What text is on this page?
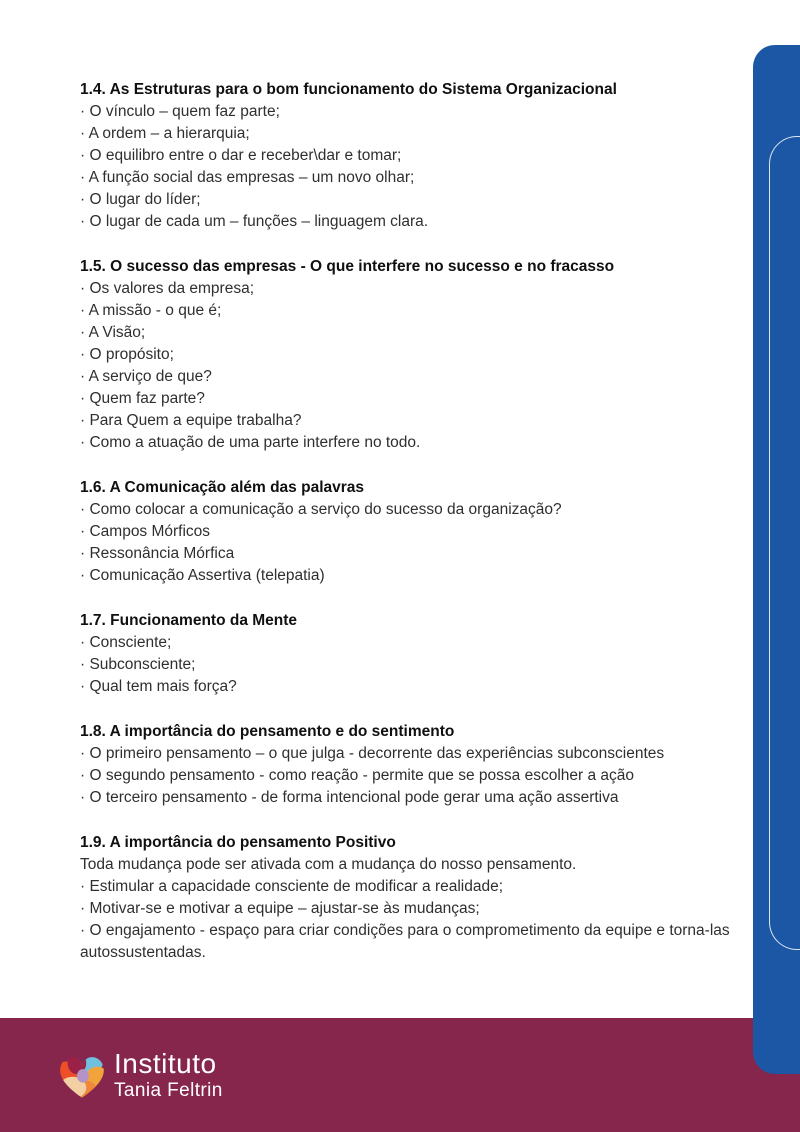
1.4. As Estruturas para o bom funcionamento do Sistema Organizacional

· O vínculo – quem faz parte;

· A ordem – a hierarquia;

· O equilibro entre o dar e receber\dar e tomar;

· A função social das empresas – um novo olhar;

· O lugar do líder;

· O lugar de cada um – funções – linguagem clara.

1.5. O sucesso das empresas - O que interfere no sucesso e no fracasso

· Os valores da empresa;

· A missão - o que é;

· A Visão;

· O propósito;

· A serviço de que?

· Quem faz parte?

· Para Quem a equipe trabalha?

· Como a atuação de uma parte interfere no todo.

1.6. A Comunicação além das palavras

· Como colocar a comunicação a serviço do sucesso da organização?

· Campos Mórficos

· Ressonância Mórfica

· Comunicação Assertiva (telepatia)

1.7. Funcionamento da Mente

· Consciente;

· Subconsciente;

· Qual tem mais força?

1.8. A importância do pensamento e do sentimento

· O primeiro pensamento – o que julga - decorrente das experiências subconscientes

· O segundo pensamento - como reação - permite que se possa escolher a ação

· O terceiro pensamento - de forma intencional pode gerar uma ação assertiva

1.9. A importância do pensamento Positivo

Toda mudança pode ser ativada com a mudança do nosso pensamento.

· Estimular a capacidade consciente de modificar a realidade;

· Motivar-se e motivar a equipe – ajustar-se às mudanças;

· O engajamento - espaço para criar condições para o comprometimento da equipe e torna-las autossustentadas.

Instituto
Tania Feltrin
